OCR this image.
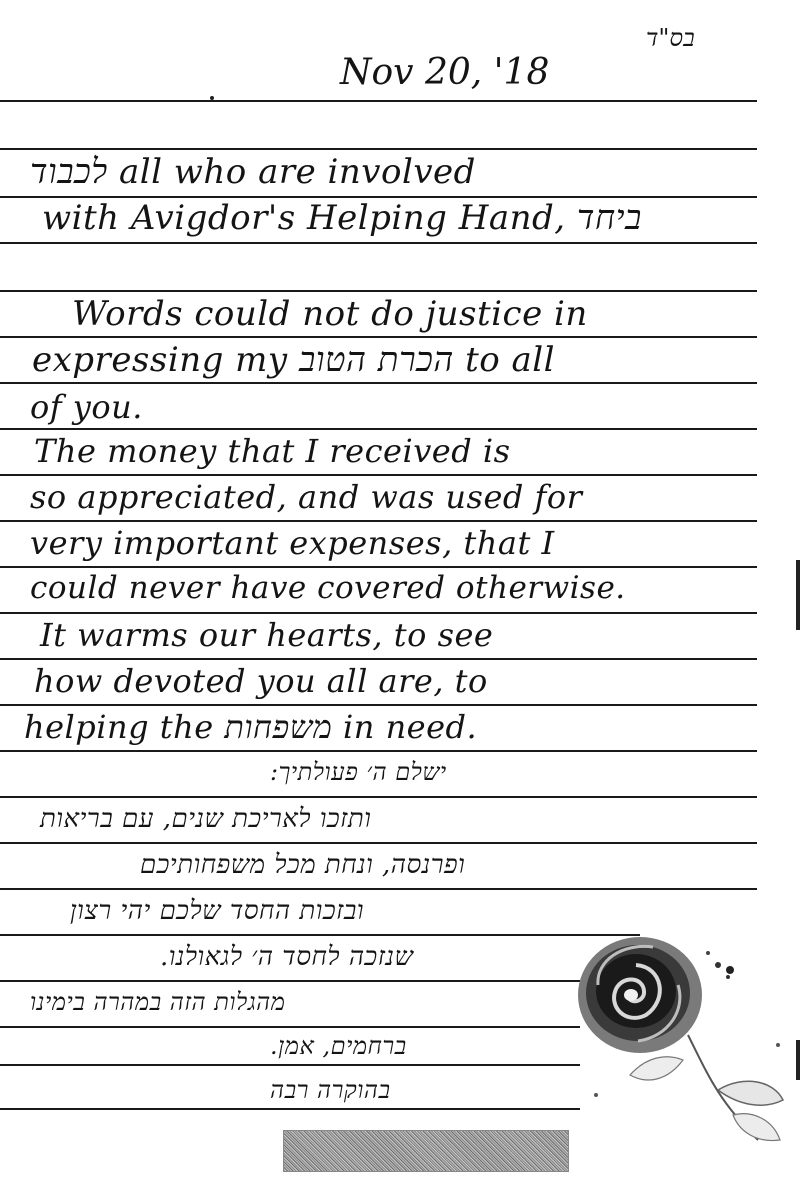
בס"ד
Nov 20, '18
לכבוד all who are involved
with Avigdor's Helping Hand, ביחד
Words could not do justice in
expressing my הכרת הטוב to all
of you.
The money that I received is
so appreciated, and was used for
very important expenses, that I
could never have covered otherwise.
It warms our hearts, to see
how devoted you all are, to
helping the משפחות in need.
ישלם ה׳ פעולתיך:
ותזכו לאריכת שנים, עם בריאות
ופרנסה, ונחת מכל משפחותיכם
ובזכות החסד שלכם יהי רצון
שנזכה לחסד ה׳ לגאולנו.
מהגלות הזה במהרה בימינו
ברחמים, אמן.
בהוקרה רבה
